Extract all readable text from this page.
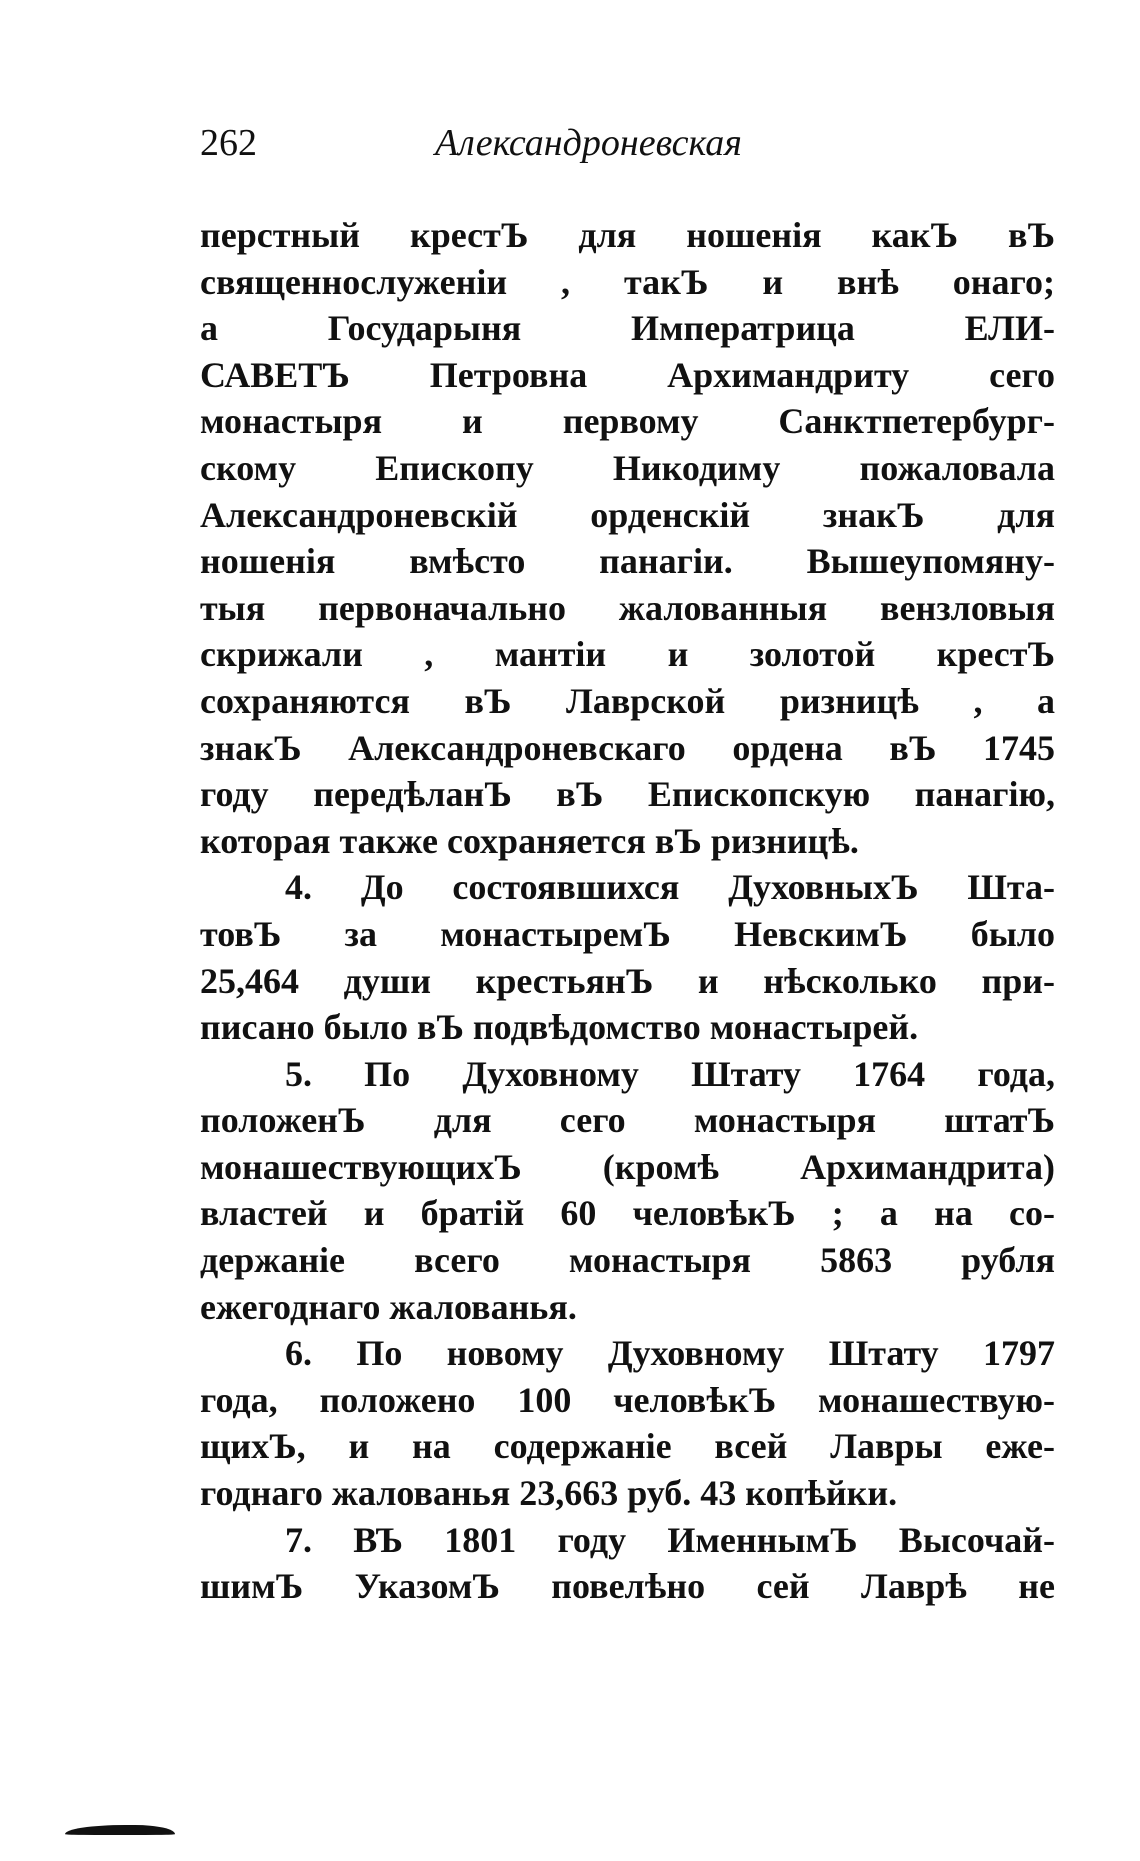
262	Александроневская
перстный крестЪ для ношенія какЪ вЪ
священнослуженіи , такЪ и внѣ онаго;
а Государыня Императрица ЕЛИ-
САВЕТЪ Петровна Архимандриту сего
монастыря и первому Санктпетербург-
скому Епископу Никодиму пожаловала
Александроневскій орденскій знакЪ для
ношенія вмѣсто панагіи. Вышеупомяну-
тыя первоначально жалованныя вензловыя
скрижали , мантіи и золотой крестЪ
сохраняются вЪ Лаврской ризницѣ , а
знакЪ Александроневскаго ордена вЪ 1745
году передѣланЪ вЪ Епископскую панагію,
которая также сохраняется вЪ ризницѣ.
4. До состоявшихся ДуховныхЪ Шта-
товЪ за монастыремЪ НевскимЪ было
25,464 души крестьянЪ и нѣсколько при-
писано было вЪ подвѣдомство монастырей.
5. По Духовному Штату 1764 года,
положенЪ для сего монастыря штатЪ
монашествующихЪ (кромѣ Архимандрита)
властей и братій 60 человѣкЪ ; а на со-
держаніе всего монастыря 5863 рубля
ежегоднаго жалованья.
6. По новому Духовному Штату 1797
года, положено 100 человѣкЪ монашествую-
щихЪ, и на содержаніе всей Лавры еже-
годнаго жалованья 23,663 руб. 43 копѣйки.
7. ВЪ 1801 году ИменнымЪ Высочай-
шимЪ УказомЪ повелѣно сей Лаврѣ не
